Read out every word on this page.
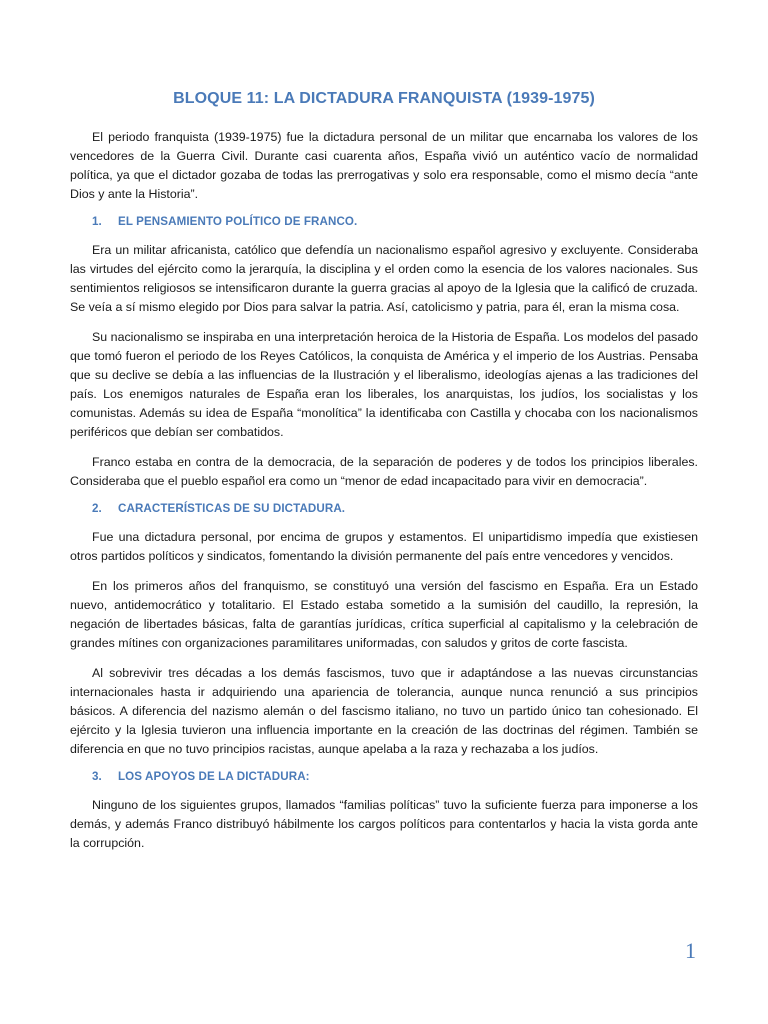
BLOQUE 11: LA DICTADURA FRANQUISTA (1939-1975)

El periodo franquista (1939-1975) fue la dictadura personal de un militar que encarnaba los valores de los vencedores de la Guerra Civil. Durante casi cuarenta años, España vivió un auténtico vacío de normalidad política, ya que el dictador gozaba de todas las prerrogativas y solo era responsable, como el mismo decía “ante Dios y ante la Historia”.

1. EL PENSAMIENTO POLÍTICO DE FRANCO.

Era un militar africanista, católico que defendía un nacionalismo español agresivo y excluyente. Consideraba las virtudes del ejército como la jerarquía, la disciplina y el orden como la esencia de los valores nacionales. Sus sentimientos religiosos se intensificaron durante la guerra gracias al apoyo de la Iglesia que la calificó de cruzada. Se veía a sí mismo elegido por Dios para salvar la patria. Así, catolicismo y patria, para él, eran la misma cosa.

Su nacionalismo se inspiraba en una interpretación heroica de la Historia de España. Los modelos del pasado que tomó fueron el periodo de los Reyes Católicos, la conquista de América y el imperio de los Austrias. Pensaba que su declive se debía a las influencias de la Ilustración y el liberalismo, ideologías ajenas a las tradiciones del país. Los enemigos naturales de España eran los liberales, los anarquistas, los judíos, los socialistas y los comunistas. Además su idea de España “monolítica” la identificaba con Castilla y chocaba con los nacionalismos periféricos que debían ser combatidos.

Franco estaba en contra de la democracia, de la separación de poderes y de todos los principios liberales. Consideraba que el pueblo español era como un “menor de edad incapacitado para vivir en democracia”.

2. CARACTERÍSTICAS DE SU DICTADURA.

Fue una dictadura personal, por encima de grupos y estamentos. El unipartidismo impedía que existiesen otros partidos políticos y sindicatos, fomentando la división permanente del país entre vencedores y vencidos.

En los primeros años del franquismo, se constituyó una versión del fascismo en España. Era un Estado nuevo, antidemocrático y totalitario. El Estado estaba sometido a la sumisión del caudillo, la represión, la negación de libertades básicas, falta de garantías jurídicas, crítica superficial al capitalismo y la celebración de grandes mítines con organizaciones paramilitares uniformadas, con saludos y gritos de corte fascista.

Al sobrevivir tres décadas a los demás fascismos, tuvo que ir adaptándose a las nuevas circunstancias internacionales hasta ir adquiriendo una apariencia de tolerancia, aunque nunca renunció a sus principios básicos. A diferencia del nazismo alemán o del fascismo italiano, no tuvo un partido único tan cohesionado. El ejército y la Iglesia tuvieron una influencia importante en la creación de las doctrinas del régimen. También se diferencia en que no tuvo principios racistas, aunque apelaba a la raza y rechazaba a los judíos.

3. LOS APOYOS DE LA DICTADURA:

Ninguno de los siguientes grupos, llamados “familias políticas” tuvo la suficiente fuerza para imponerse a los demás, y además Franco distribuyó hábilmente los cargos políticos para contentarlos y hacia la vista gorda ante la corrupción.

1
